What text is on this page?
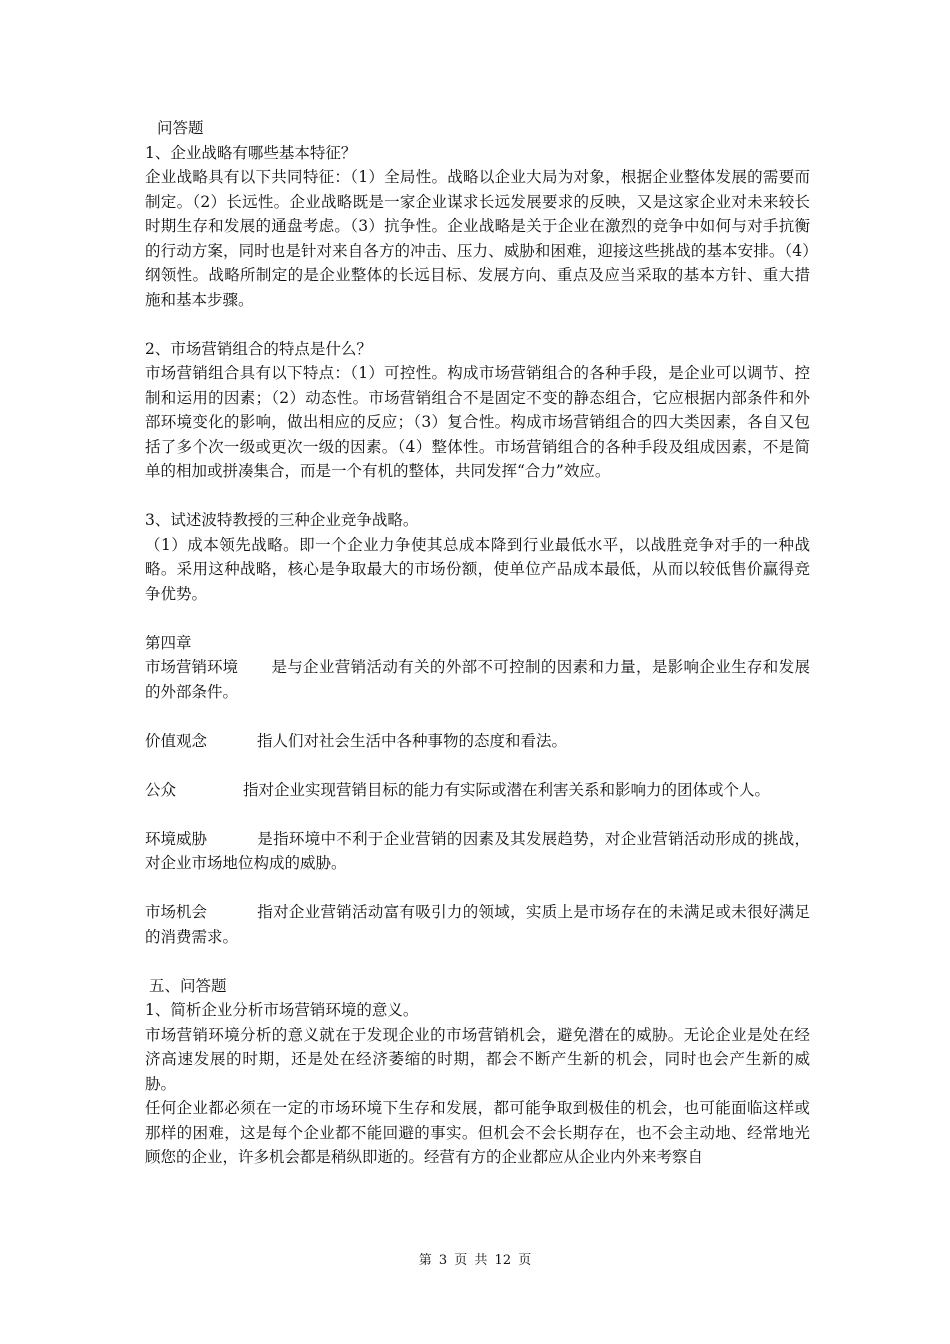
问答题

1、企业战略有哪些基本特征？

企业战略具有以下共同特征：（1）全局性。战略以企业大局为对象，根据企业整体发展的需要而制定。（2）长远性。企业战略既是一家企业谋求长远发展要求的反映，又是这家企业对未来较长时期生存和发展的通盘考虑。（3）抗争性。企业战略是关于企业在激烈的竞争中如何与对手抗衡的行动方案，同时也是针对来自各方的冲击、压力、威胁和困难，迎接这些挑战的基本安排。（4）纲领性。战略所制定的是企业整体的长远目标、发展方向、重点及应当采取的基本方针、重大措施和基本步骤。

2、市场营销组合的特点是什么？

市场营销组合具有以下特点：（1）可控性。构成市场营销组合的各种手段，是企业可以调节、控制和运用的因素；（2）动态性。市场营销组合不是固定不变的静态组合，它应根据内部条件和外部环境变化的影响，做出相应的反应；（3）复合性。构成市场营销组合的四大类因素，各自又包括了多个次一级或更次一级的因素。（4）整体性。市场营销组合的各种手段及组成因素，不是简单的相加或拼凑集合，而是一个有机的整体，共同发挥“合力”效应。

3、试述波特教授的三种企业竞争战略。

（1）成本领先战略。即一个企业力争使其总成本降到行业最低水平，以战胜竞争对手的一种战略。采用这种战略，核心是争取最大的市场份额，使单位产品成本最低，从而以较低售价赢得竞争优势。

第四章

市场营销环境 是与企业营销活动有关的外部不可控制的因素和力量，是影响企业生存和发展的外部条件。

价值观念	指人们对社会生活中各种事物的态度和看法。

公众	指对企业实现营销目标的能力有实际或潜在利害关系和影响力的团体或个人。

环境威胁	是指环境中不利于企业营销的因素及其发展趋势，对企业营销活动形成的挑战，对企业市场地位构成的威胁。

市场机会	指对企业营销活动富有吸引力的领域，实质上是市场存在的未满足或未很好满足的消费需求。

五、问答题

1、简析企业分析市场营销环境的意义。

市场营销环境分析的意义就在于发现企业的市场营销机会，避免潜在的威胁。无论企业是处在经济高速发展的时期，还是处在经济萎缩的时期，都会不断产生新的机会，同时也会产生新的威胁。

任何企业都必须在一定的市场环境下生存和发展，都可能争取到极佳的机会，也可能面临这样或那样的困难，这是每个企业都不能回避的事实。但机会不会长期存在，也不会主动地、经常地光顾您的企业，许多机会都是稍纵即逝的。经营有方的企业都应从企业内外来考察自

第 3 页 共 12 页
